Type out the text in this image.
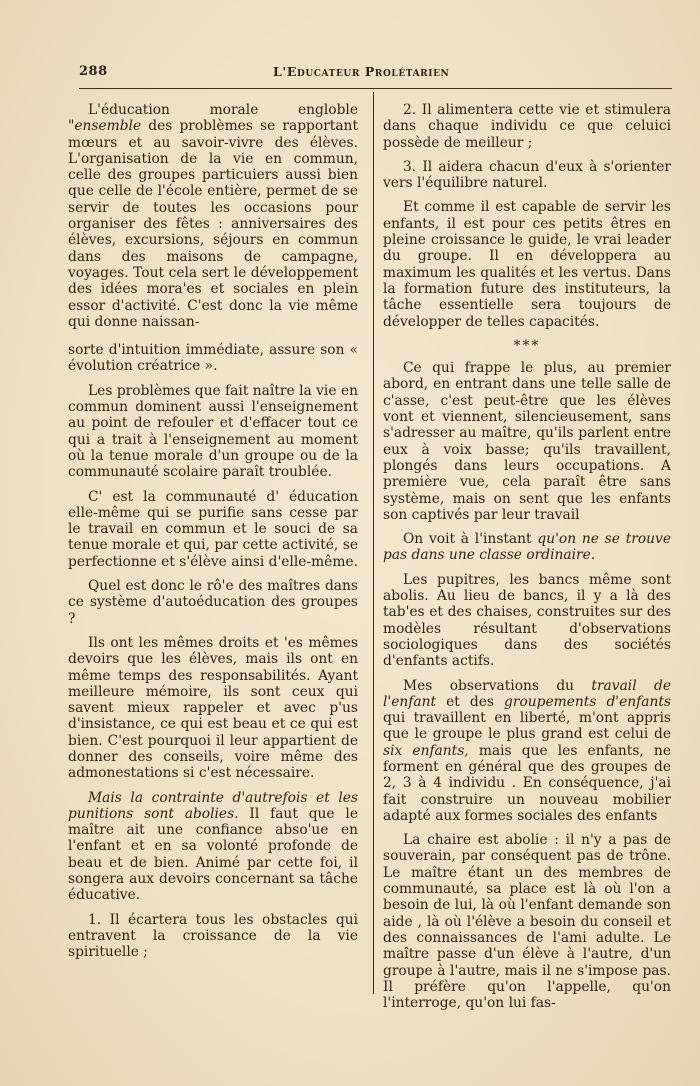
288	L'Educateur Prolétarien

L'éducation morale engloble "ensemble des problèmes se rapportant mœurs et au savoir-vivre des élèves. L'organisation de la vie en commun, celle des groupes particuiers aussi bien que celle de l'école entière, permet de se servir de toutes les occasions pour organiser des fêtes : anniversaires des élèves, excursions, séjours en commun dans des maisons de campagne, voyages. Tout cela sert le développement des idées mora'es et sociales en plein essor d'activité. C'est donc la vie même qui donne naissan-

sorte d'intuition immédiate, assure son « évolution créatrice ».

Les problèmes que fait naître la vie en commun dominent aussi l'enseignement au point de refouler et d'effacer tout ce qui a trait à l'enseignement au moment où la tenue morale d'un groupe ou de la communauté scolaire paraît troublée.

C' est la communauté d' éducation elle-même qui se purifie sans cesse par le travail en commun et le souci de sa tenue morale et qui, par cette activité, se perfectionne et s'élève ainsi d'elle-même.

Quel est donc le rô'e des maîtres dans ce système d'autoéducation des groupes ?

Ils ont les mêmes droits et 'es mêmes devoirs que les élèves, mais ils ont en même temps des responsabilités. Ayant meilleure mémoire, ils sont ceux qui savent mieux rappeler et avec p'us d'insistance, ce qui est beau et ce qui est bien. C'est pourquoi il leur appartient de donner des conseils, voire même des admonestations si c'est nécessaire.

Mais la contrainte d'autrefois et les punitions sont abolies. Il faut que le maître ait une confiance abso'ue en l'enfant et en sa volonté profonde de beau et de bien. Animé par cette foi, il songera aux devoirs concernant sa tâche éducative.

1. Il écartera tous les obstacles qui entravent la croissance de la vie spirituelle ;

2. Il alimentera cette vie et stimulera dans chaque individu ce que celuici possède de meilleur ;

3. Il aidera chacun d'eux à s'orienter vers l'équilibre naturel.

Et comme il est capable de servir les enfants, il est pour ces petits êtres en pleine croissance le guide, le vrai leader du groupe. Il en développera au maximum les qualités et les vertus. Dans la formation future des instituteurs, la tâche essentielle sera toujours de développer de telles capacités.

***

Ce qui frappe le plus, au premier abord, en entrant dans une telle salle de c'asse, c'est peut-être que les élèves vont et viennent, silencieusement, sans s'adresser au maître, qu'ils parlent entre eux à voix basse; qu'ils travaillent, plongés dans leurs occupations. A première vue, cela paraît être sans système, mais on sent que les enfants son captivés par leur travail

On voit à l'instant qu'on ne se trouve pas dans une classe ordinaire.

Les pupitres, les bancs même sont abolis. Au lieu de bancs, il y a là des tab'es et des chaises, construites sur des modèles résultant d'observations sociologiques dans des sociétés d'enfants actifs.

Mes observations du travail de l'enfant et des groupements d'enfants qui travaillent en liberté, m'ont appris que le groupe le plus grand est celui de six enfants, mais que les enfants, ne forment en général que des groupes de 2, 3 à 4 individu . En conséquence, j'ai fait construire un nouveau mobilier adapté aux formes sociales des enfants

La chaire est abolie : il n'y a pas de souverain, par conséquent pas de trône. Le maître étant un des membres de communauté, sa place est là où l'on a besoin de lui, là où l'enfant demande son aide , là où l'élève a besoin du conseil et des connaissances de l'ami adulte. Le maître passe d'un élève à l'autre, d'un groupe à l'autre, mais il ne s'impose pas. Il préfère qu'on l'appelle, qu'on l'interroge, qu'on lui fas-
